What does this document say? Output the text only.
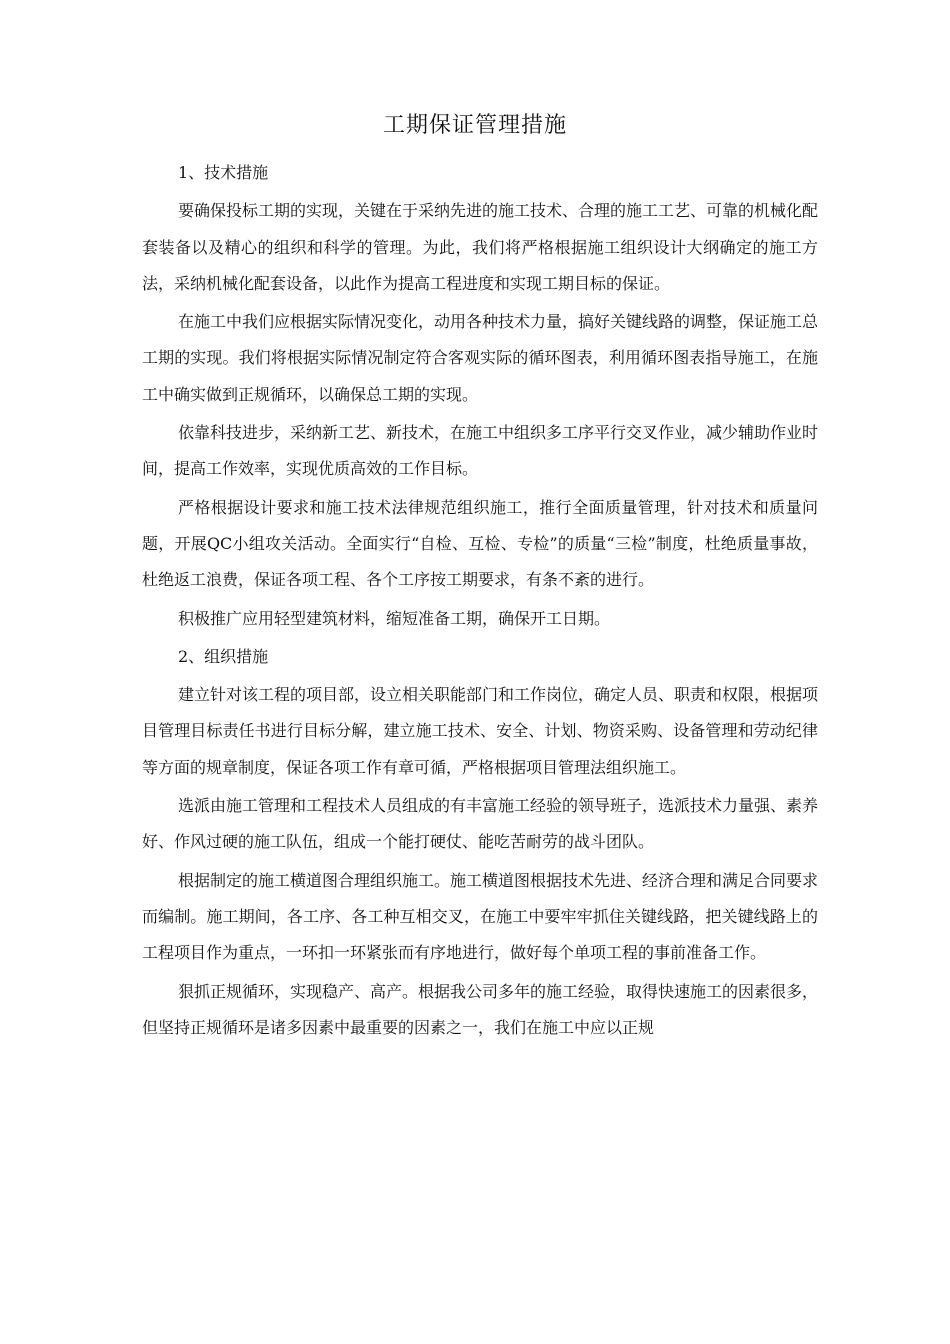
工期保证管理措施
1、技术措施

要确保投标工期的实现，关键在于采纳先进的施工技术、合理的施工工艺、可靠的机械化配套装备以及精心的组织和科学的管理。为此，我们将严格根据施工组织设计大纲确定的施工方法，采纳机械化配套设备，以此作为提高工程进度和实现工期目标的保证。

在施工中我们应根据实际情况变化，动用各种技术力量，搞好关键线路的调整，保证施工总工期的实现。我们将根据实际情况制定符合客观实际的循环图表，利用循环图表指导施工，在施工中确实做到正规循环，以确保总工期的实现。

依靠科技进步，采纳新工艺、新技术，在施工中组织多工序平行交叉作业，减少辅助作业时间，提高工作效率，实现优质高效的工作目标。

严格根据设计要求和施工技术法律规范组织施工，推行全面质量管理，针对技术和质量问题，开展QC小组攻关活动。全面实行“自检、互检、专检”的质量“三检”制度，杜绝质量事故，杜绝返工浪费，保证各项工程、各个工序按工期要求，有条不紊的进行。

积极推广应用轻型建筑材料，缩短准备工期，确保开工日期。

2、组织措施

建立针对该工程的项目部，设立相关职能部门和工作岗位，确定人员、职责和权限，根据项目管理目标责任书进行目标分解，建立施工技术、安全、计划、物资采购、设备管理和劳动纪律等方面的规章制度，保证各项工作有章可循，严格根据项目管理法组织施工。

选派由施工管理和工程技术人员组成的有丰富施工经验的领导班子，选派技术力量强、素养好、作风过硬的施工队伍，组成一个能打硬仗、能吃苦耐劳的战斗团队。

根据制定的施工横道图合理组织施工。施工横道图根据技术先进、经济合理和满足合同要求而编制。施工期间，各工序、各工种互相交叉，在施工中要牢牢抓住关键线路，把关键线路上的工程项目作为重点，一环扣一环紧张而有序地进行，做好每个单项工程的事前准备工作。

狠抓正规循环，实现稳产、高产。根据我公司多年的施工经验，取得快速施工的因素很多，但坚持正规循环是诸多因素中最重要的因素之一，我们在施工中应以正规
